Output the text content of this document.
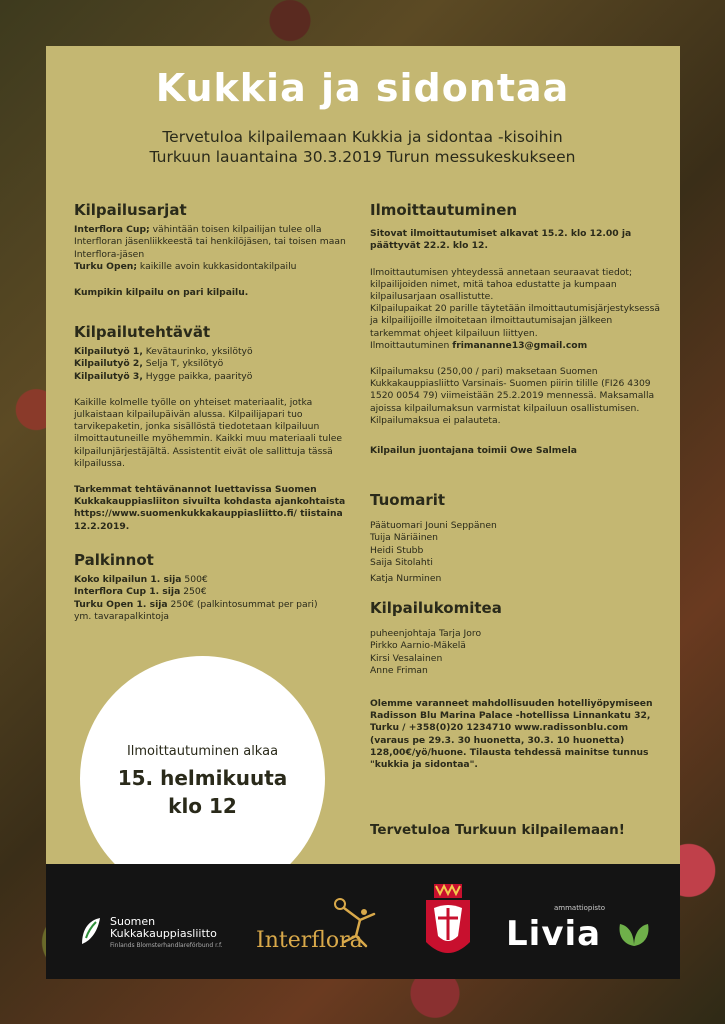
Kukkia ja sidontaa
Tervetuloa kilpailemaan Kukkia ja sidontaa -kisoihin
Turkuun lauantaina 30.3.2019 Turun messukeskukseen
Kilpailusarjat

Interflora Cup; vähintään toisen kilpailijan tulee olla Interfloran jäsenliikkeestä tai henkilöjäsen, tai toisen maan Interflora-jäsen

Turku Open; kaikille avoin kukkasidontakilpailu

Kumpikin kilpailu on pari kilpailu.

Kilpailutehtävät
Kilpailutyö 1, Kevätaurinko, yksilötyö
Kilpailutyö 2, Selja T, yksilötyö

Kilpailutyö 3, Hygge paikka, paarityö

Kaikille kolmelle työlle on yhteiset materiaalit, jotka julkaistaan kilpailupäivän alussa. Kilpailijapari tuo tarvikepaketin, jonka sisällöstä tiedotetaan kilpailuun ilmoittautuneille myöhemmin. Kaikki muu materiaali tulee kilpailunjärjestäjältä. Assistentit eivät ole sallittuja tässä kilpailussa.

Tarkemmat tehtävänannot luettavissa Suomen Kukkakauppiasliiton sivuilta kohdasta ajankohtaista https://www.suomenkukkakauppiasliitto.fi/ tiistaina 12.2.2019.

Palkinnot
Koko kilpailun 1. sija 500€
Interflora Cup 1. sija 250€
Turku Open 1. sija 250€ (palkintosummat per pari)
ym. tavarapalkintoja
Ilmoittautuminen

Sitovat ilmoittautumiset alkavat 15.2. klo 12.00 ja päättyvät 22.2. klo 12.

Ilmoittautumisen yhteydessä annetaan seuraavat tiedot; kilpailijoiden nimet, mitä tahoa edustatte ja kumpaan kilpailusarjaan osallistutte.

Kilpailupaikat 20 parille täytetään ilmoittautumisjärjestyksessä ja kilpailijoille ilmoitetaan ilmoittautumisajan jälkeen tarkemmat ohjeet kilpailuun liittyen.

Ilmoittautuminen frimananne13@gmail.com

Kilpailumaksu (250,00 / pari) maksetaan Suomen Kukkakauppiasliitto Varsinais- Suomen piirin tilille (FI26 4309 1520 0054 79) viimeistään 25.2.2019 mennessä. Maksamalla ajoissa kilpailumaksun varmistat kilpailuun osallistumisen. Kilpailumaksua ei palauteta.

Kilpailun juontajana toimii Owe Salmela

Tuomarit
Päätuomari Jouni Seppänen
Tuija Näriäinen
Heidi Stubb
Saija Sitolahti
Katja Nurminen
Kilpailukomitea
puheenjohtaja Tarja Joro
Pirkko Aarnio-Mäkelä
Kirsi Vesalainen
Anne Friman
Olemme varanneet mahdollisuuden hotelliyöpymiseen Radisson Blu Marina Palace -hotellissa Linnankatu 32, Turku / +358(0)20 1234710 www.radissonblu.com (varaus pe 29.3. 30 huonetta, 30.3. 10 huonetta) 128,00€/yö/huone. Tilausta tehdessä mainitse tunnus "kukkia ja sidontaa".
Ilmoittautuminen alkaa
15. helmikuuta
klo 12
Tervetuloa Turkuun kilpailemaan!
Suomen
Kukkakauppiasliitto
Finlands Blomsterhandlareförbund r.f. Interflora
ammattiopisto
Livia
